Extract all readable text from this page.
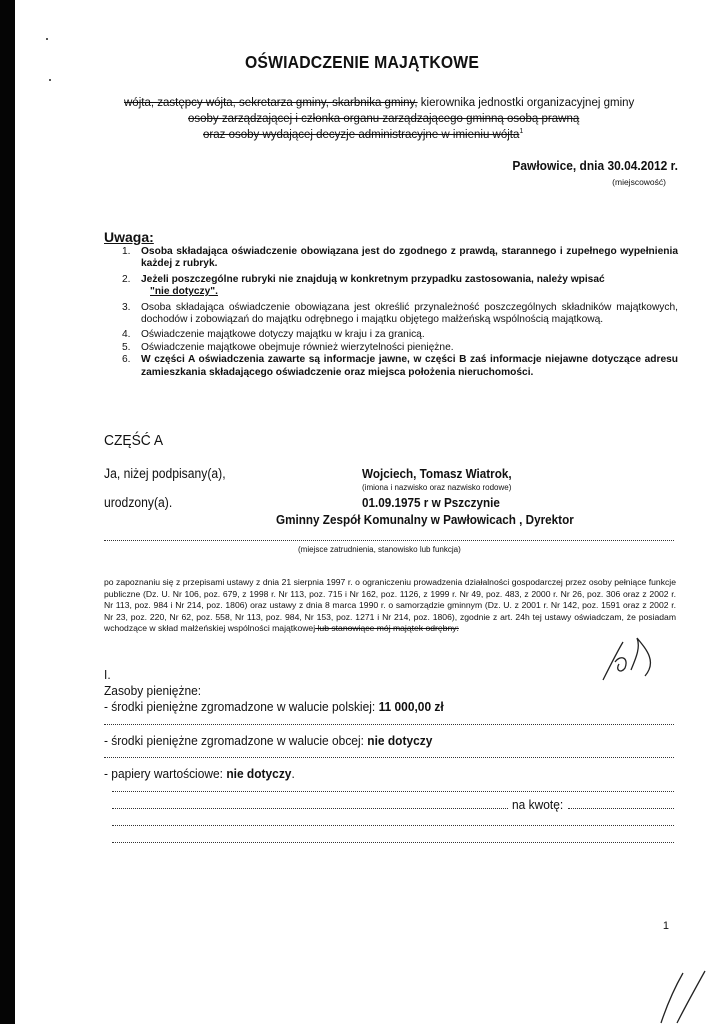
OŚWIADCZENIE MAJĄTKOWE
wójta, zastępcy wójta, sekretarza gminy, skarbnika gminy, kierownika jednostki organizacyjnej gminy
osoby zarządzającej i członka organu zarządzającego gminną osobą prawną
oraz osoby wydającej decyzje administracyjne w imieniu wójta$^1$
Pawłowice, dnia 30.04.2012 r.
(miejscowość)
Uwaga:
1. Osoba składająca oświadczenie obowiązana jest do zgodnego z prawdą, starannego i zupełnego wypełnienia każdej z rubryk.
2. Jeżeli poszczególne rubryki nie znajdują w konkretnym przypadku zastosowania, należy wpisać
"nie dotyczy".
3. Osoba składająca oświadczenie obowiązana jest określić przynależność poszczególnych składników majątkowych, dochodów i zobowiązań do majątku odrębnego i majątku objętego małżeńską wspólnością majątkową.
4. Oświadczenie majątkowe dotyczy majątku w kraju i za granicą.
5. Oświadczenie majątkowe obejmuje również wierzytelności pieniężne.
6. W części A oświadczenia zawarte są informacje jawne, w części B zaś informacje niejawne dotyczące adresu zamieszkania składającego oświadczenie oraz miejsca położenia nieruchomości.
CZĘŚĆ A
Ja, niżej podpisany(a),	Wojciech, Tomasz Wiatrok,
(imiona i nazwisko oraz nazwisko rodowe)
urodzony(a).	01.09.1975 r w Pszczynie
Gminny Zespół Komunalny w Pawłowicach , Dyrektor
(miejsce zatrudnienia, stanowisko lub funkcja)
po zapoznaniu się z przepisami ustawy z dnia 21 sierpnia 1997 r. o ograniczeniu prowadzenia działalności gospodarczej przez osoby pełniące funkcje publiczne (Dz. U. Nr 106, poz. 679, z 1998 r. Nr 113, poz. 715 i Nr 162, poz. 1126, z 1999 r. Nr 49, poz. 483, z 2000 r. Nr 26, poz. 306 oraz z 2002 r. Nr 113, poz. 984 i Nr 214, poz. 1806) oraz ustawy z dnia 8 marca 1990 r. o samorządzie gminnym (Dz. U. z 2001 r. Nr 142, poz. 1591 oraz z 2002 r. Nr 23, poz. 220, Nr 62, poz. 558, Nr 113, poz. 984, Nr 153, poz. 1271 i Nr 214, poz. 1806), zgodnie z art. 24h tej ustawy oświadczam, że posiadam wchodzące w skład małżeńskiej wspólności majątkowej lub stanowiące mój majątek odrębny:
I.
Zasoby pieniężne:
- środki pieniężne zgromadzone w walucie polskiej: 11 000,00 zł
- środki pieniężne zgromadzone w walucie obcej: nie dotyczy
- papiery wartościowe: nie dotyczy.
na kwotę:
1
